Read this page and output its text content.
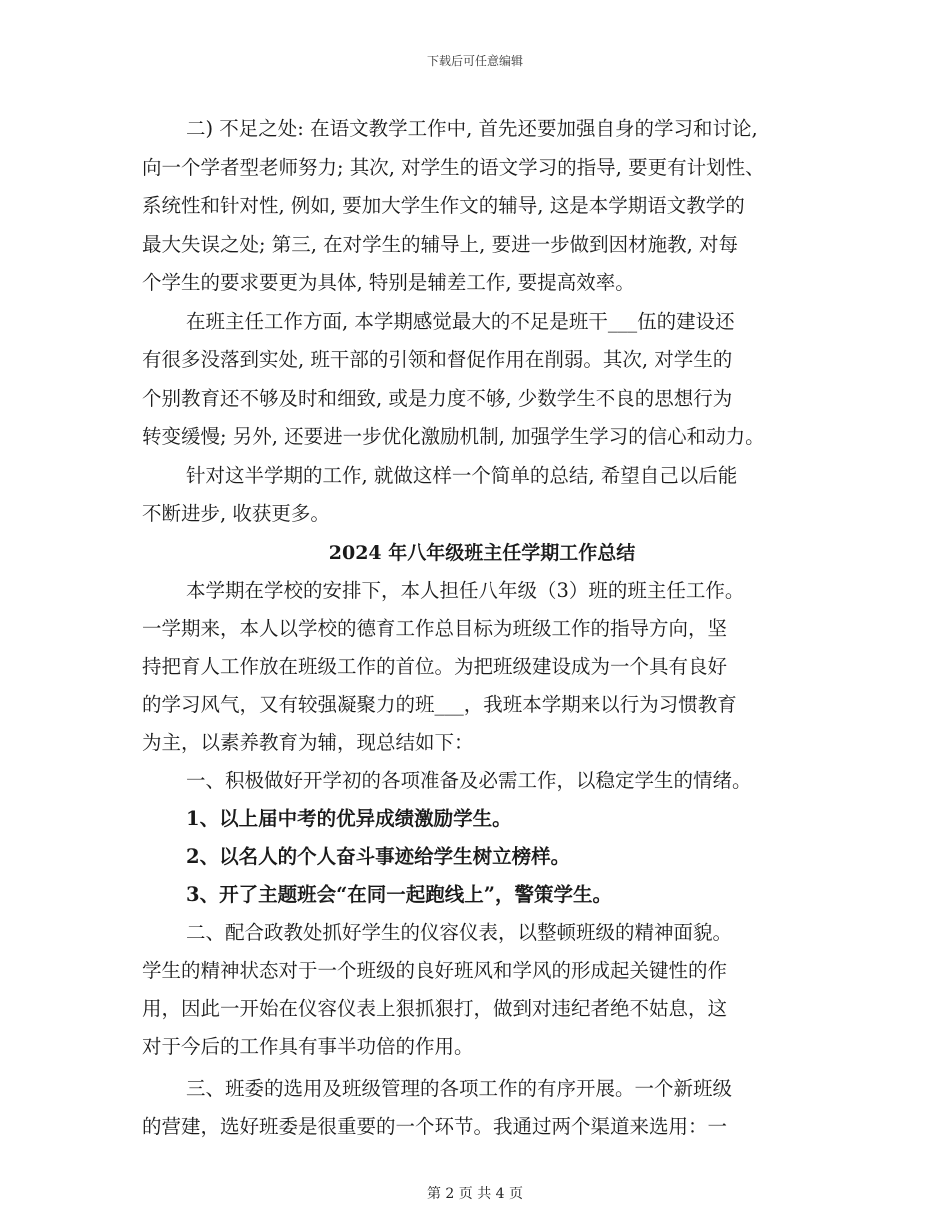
下载后可任意编辑

二) 不足之处: 在语文教学工作中, 首先还要加强自身的学习和讨论,
向一个学者型老师努力; 其次, 对学生的语文学习的指导, 要更有计划性、
系统性和针对性, 例如, 要加大学生作文的辅导, 这是本学期语文教学的
最大失误之处; 第三, 在对学生的辅导上, 要进一步做到因材施教, 对每
个学生的要求要更为具体, 特别是辅差工作, 要提高效率。

在班主任工作方面, 本学期感觉最大的不足是班干___伍的建设还
有很多没落到实处, 班干部的引领和督促作用在削弱。其次, 对学生的
个别教育还不够及时和细致, 或是力度不够, 少数学生不良的思想行为
转变缓慢; 另外, 还要进一步优化激励机制, 加强学生学习的信心和动力。

针对这半学期的工作, 就做这样一个简单的总结, 希望自己以后能
不断进步, 收获更多。

2024 年八年级班主任学期工作总结

本学期在学校的安排下，本人担任八年级（3）班的班主任工作。
一学期来，本人以学校的德育工作总目标为班级工作的指导方向，坚
持把育人工作放在班级工作的首位。为把班级建设成为一个具有良好
的学习风气，又有较强凝聚力的班___，我班本学期来以行为习惯教育
为主，以素养教育为辅，现总结如下：

一、积极做好开学初的各项准备及必需工作，以稳定学生的情绪。

1、以上届中考的优异成绩激励学生。
2、以名人的个人奋斗事迹给学生树立榜样。
3、开了主题班会“在同一起跑线上”，警策学生。

二、配合政教处抓好学生的仪容仪表，以整顿班级的精神面貌。
学生的精神状态对于一个班级的良好班风和学风的形成起关键性的作
用，因此一开始在仪容仪表上狠抓狠打，做到对违纪者绝不姑息，这
对于今后的工作具有事半功倍的作用。

三、班委的选用及班级管理的各项工作的有序开展。一个新班级
的营建，选好班委是很重要的一个环节。我通过两个渠道来选用：一

第 2 页 共 4 页
